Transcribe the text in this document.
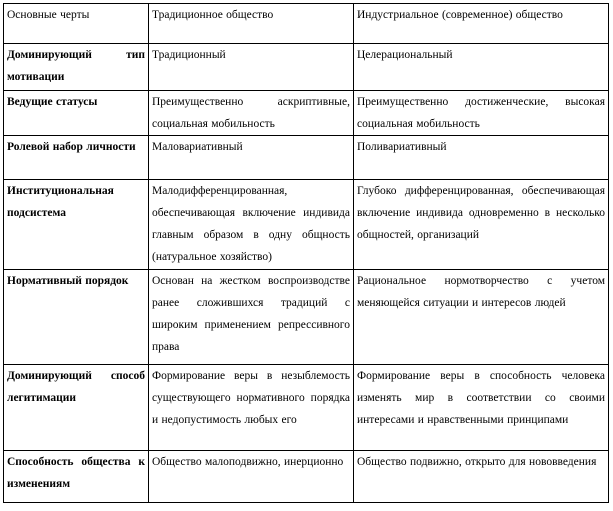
Основные черты	Традиционное общество	Индустриальное (современное) общество
Доминирующий тип мотивации	Традиционный	Целерациональный
Ведущие статусы	Преимущественно аскриптивные, социальная мобильность	Преимущественно достиженческие, высокая социальная мобильность
Ролевой набор личности	Маловариативный	Поливариативный
Институциональная подсистема	Малодифференцированная, обеспечивающая включение индивида главным образом в одну общность (натуральное хозяйство)	Глубоко дифференцированная, обеспечивающая включение индивида одновременно в несколько общностей, организаций
Нормативный порядок	Основан на жестком воспроизводстве ранее сложившихся традиций с широким применением репрессивного права	Рациональное нормотворчество с учетом меняющейся ситуации и интересов людей
Доминирующий способ легитимации	Формирование веры в незыблемость существующего нормативного порядка и недопустимость любых его	Формирование веры в способность человека изменять мир в соответствии со своими интересами и нравственными принципами
Способность общества к изменениям	Общество малоподвижно, инерционно	Общество подвижно, открыто для нововведения
